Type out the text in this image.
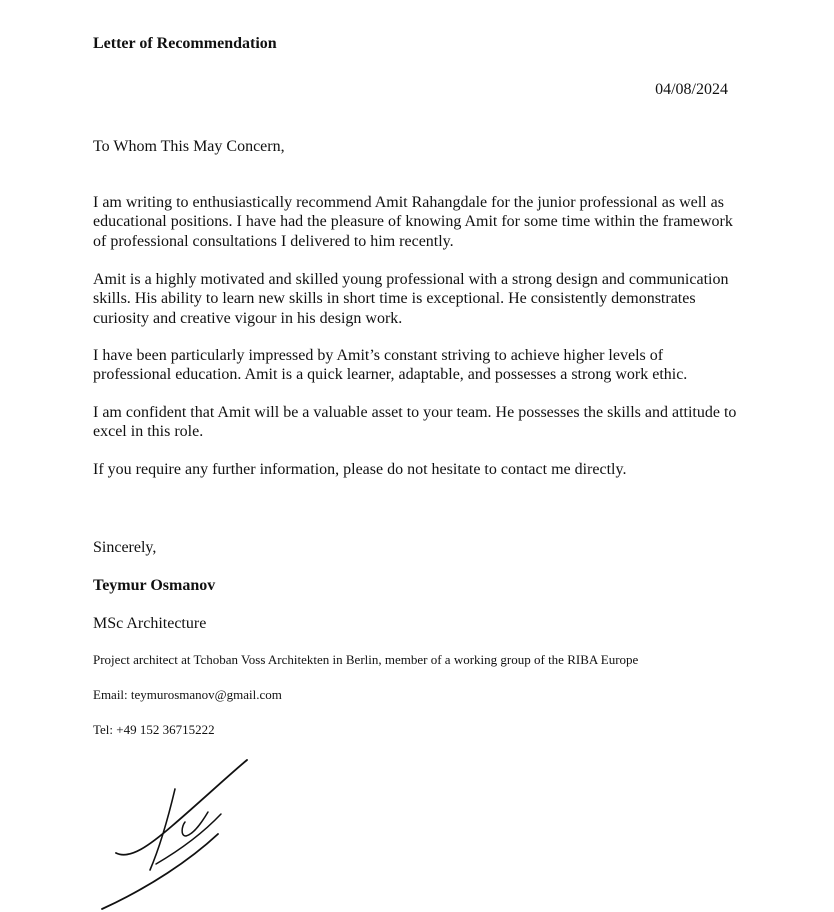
Letter of Recommendation
04/08/2024
To Whom This May Concern,

I am writing to enthusiastically recommend Amit Rahangdale for the junior professional as well as educational positions. I have had the pleasure of knowing Amit for some time within the framework of professional consultations I delivered to him recently.

Amit is a highly motivated and skilled young professional with a strong design and communication skills. His ability to learn new skills in short time is exceptional. He consistently demonstrates curiosity and creative vigour in his design work.

I have been particularly impressed by Amit’s constant striving to achieve higher levels of professional education. Amit is a quick learner, adaptable, and possesses a strong work ethic.

I am confident that Amit will be a valuable asset to your team. He possesses the skills and attitude to excel in this role.

If you require any further information, please do not hesitate to contact me directly.

Sincerely,
Teymur Osmanov
MSc Architecture
Project architect at Tchoban Voss Architekten in Berlin, member of a working group of the RIBA Europe
Email: teymurosmanov@gmail.com
Tel: +49 152 36715222
